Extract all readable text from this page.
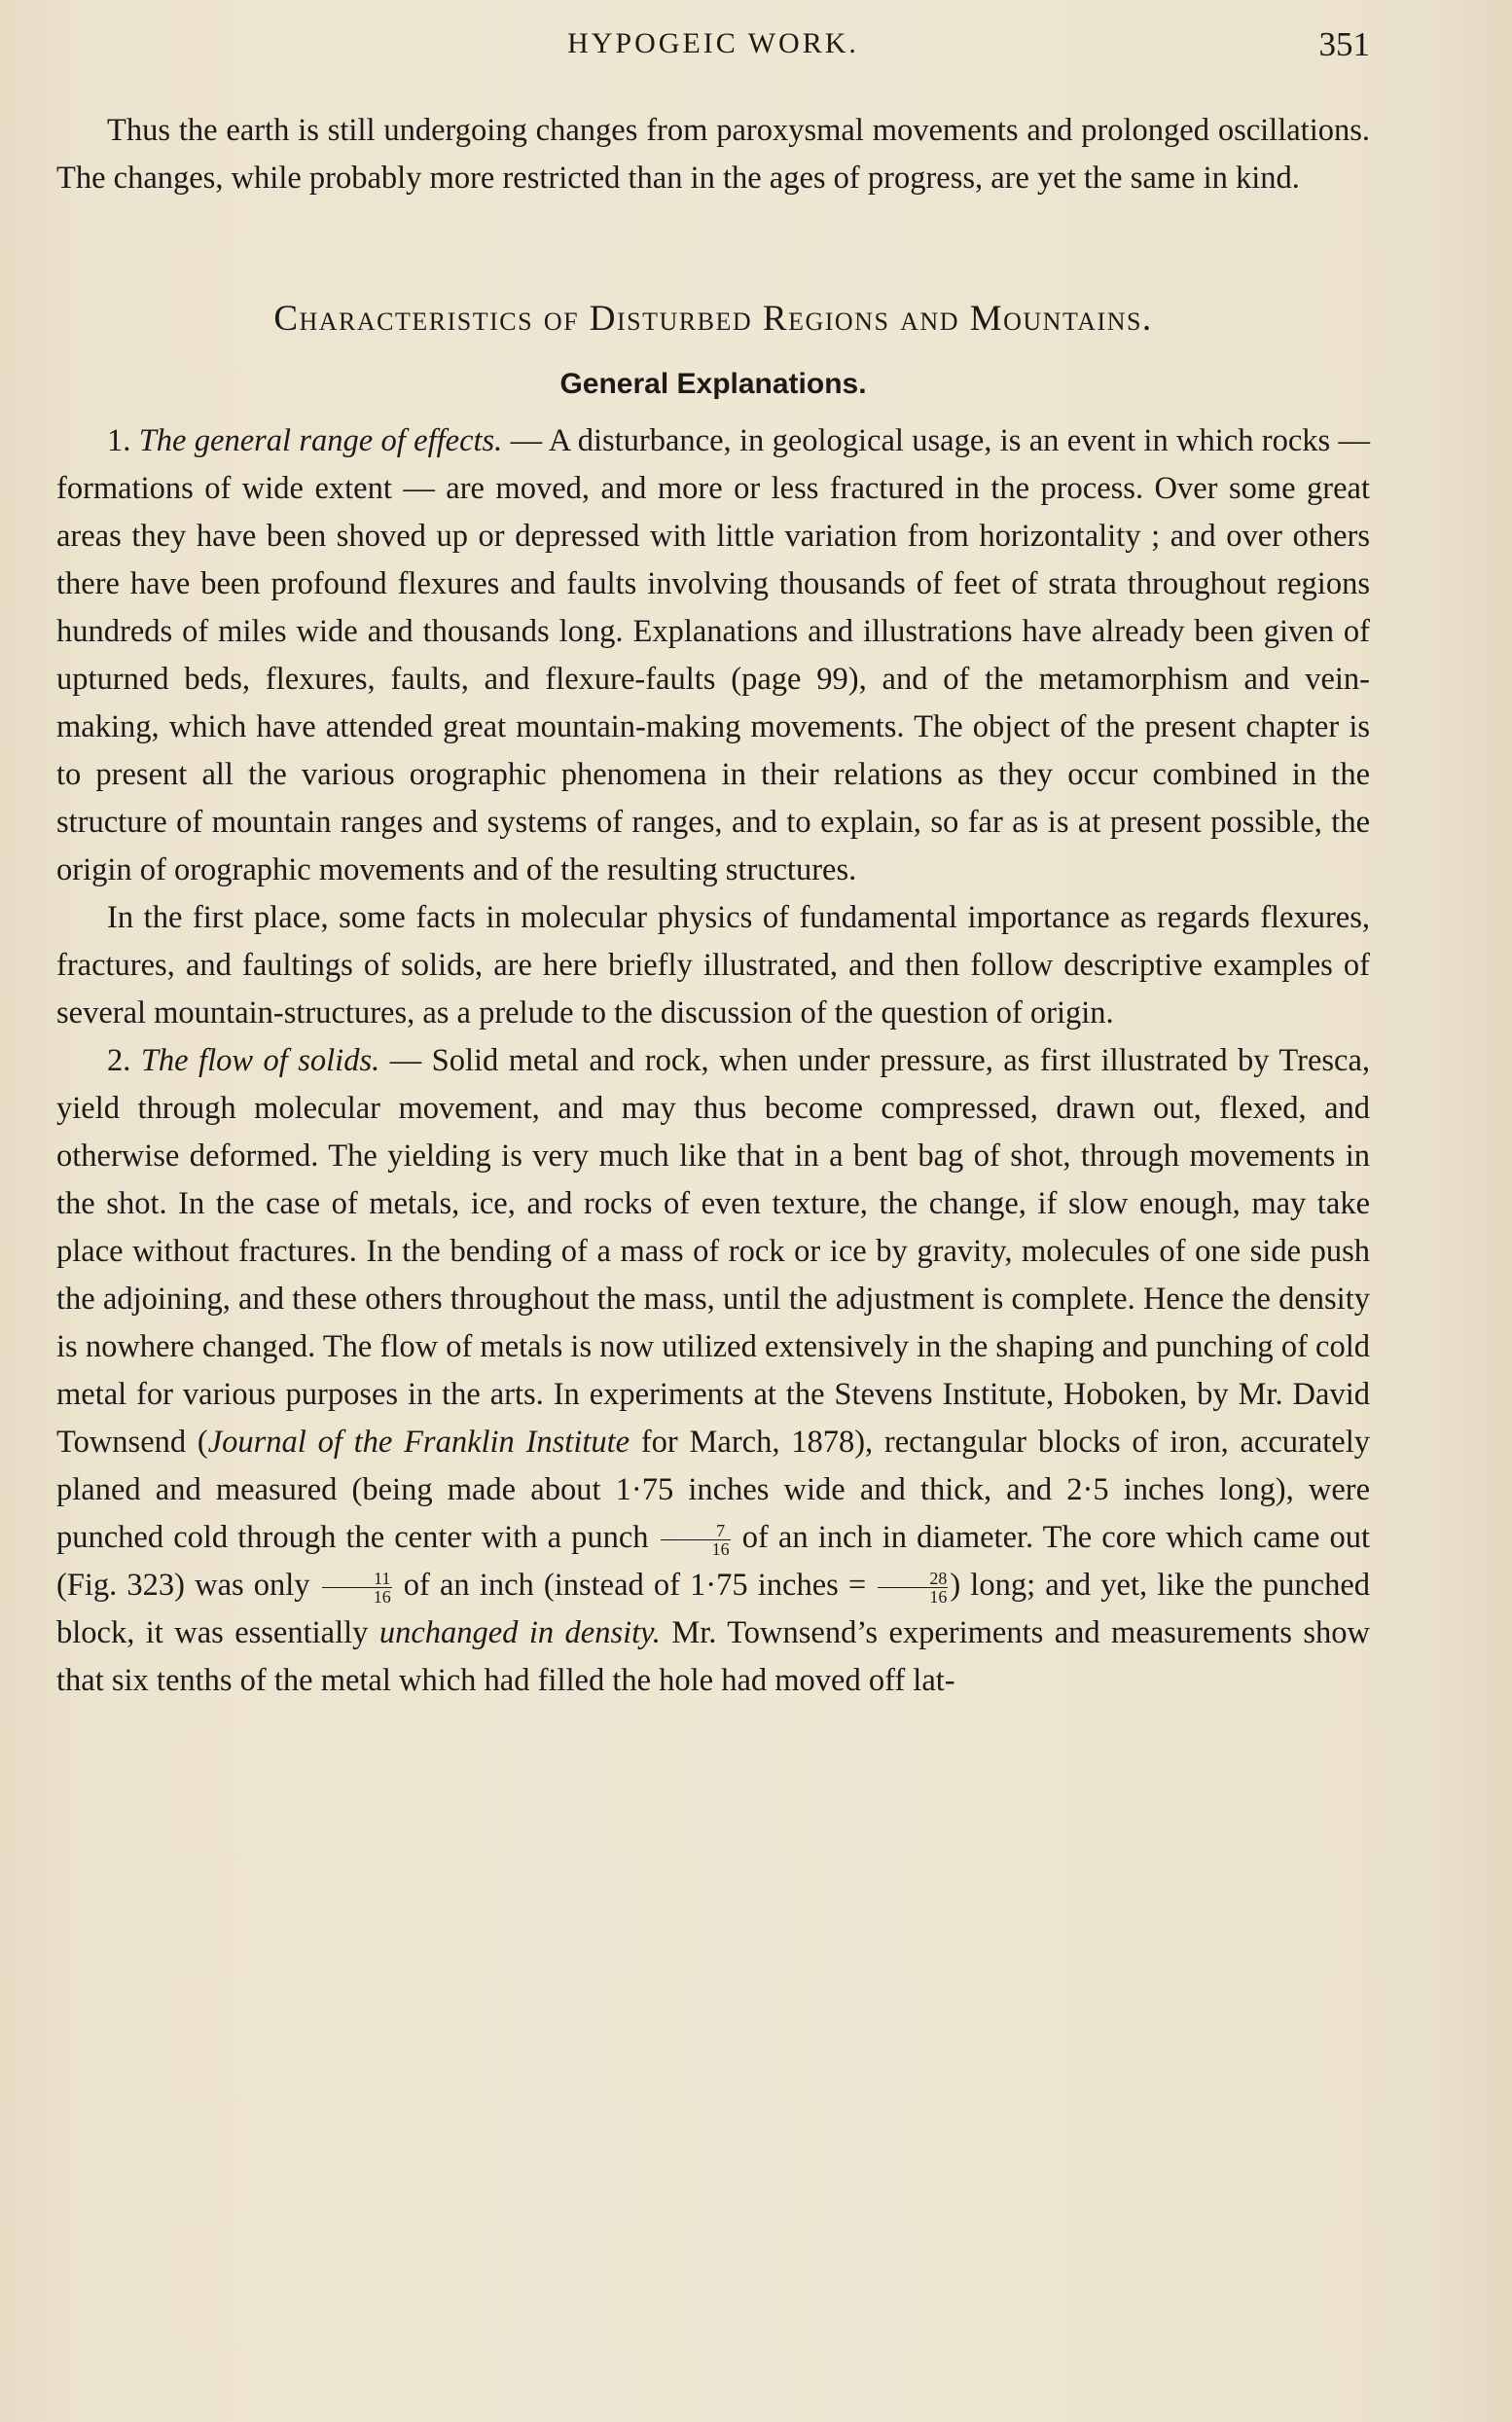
HYPOGEIC WORK.	351

Thus the earth is still undergoing changes from paroxysmal movements and prolonged oscillations. The changes, while probably more restricted than in the ages of progress, are yet the same in kind.

Characteristics of Disturbed Regions and Mountains.
General Explanations.

1. The general range of effects. — A disturbance, in geological usage, is an event in which rocks — formations of wide extent — are moved, and more or less fractured in the process. Over some great areas they have been shoved up or depressed with little variation from horizontality ; and over others there have been profound flexures and faults involving thousands of feet of strata throughout regions hundreds of miles wide and thousands long. Explanations and illustrations have already been given of upturned beds, flexures, faults, and flexure-faults (page 99), and of the metamorphism and vein-making, which have attended great mountain-making movements. The object of the present chapter is to present all the various orographic phenomena in their relations as they occur combined in the structure of mountain ranges and systems of ranges, and to explain, so far as is at present possible, the origin of orographic movements and of the resulting structures.

In the first place, some facts in molecular physics of fundamental importance as regards flexures, fractures, and faultings of solids, are here briefly illustrated, and then follow descriptive examples of several mountain-structures, as a prelude to the discussion of the question of origin.

2. The flow of solids. — Solid metal and rock, when under pressure, as first illustrated by Tresca, yield through molecular movement, and may thus become compressed, drawn out, flexed, and otherwise deformed. The yielding is very much like that in a bent bag of shot, through movements in the shot. In the case of metals, ice, and rocks of even texture, the change, if slow enough, may take place without fractures. In the bending of a mass of rock or ice by gravity, molecules of one side push the adjoining, and these others throughout the mass, until the adjustment is complete. Hence the density is nowhere changed. The flow of metals is now utilized extensively in the shaping and punching of cold metal for various purposes in the arts. In experiments at the Stevens Institute, Hoboken, by Mr. David Townsend (Journal of the Franklin Institute for March, 1878), rectangular blocks of iron, accurately planed and measured (being made about 1·75 inches wide and thick, and 2·5 inches long), were punched cold through the center with a punch $\frac{7}{16}$ of an inch in diameter. The core which came out (Fig. 323) was only $\frac{11}{16}$ of an inch (instead of 1·75 inches = $\frac{28}{16}$ ) long; and yet, like the punched block, it was essentially unchanged in density. Mr. Townsend’s experiments and measurements show that six tenths of the metal which had filled the hole had moved off lat-
